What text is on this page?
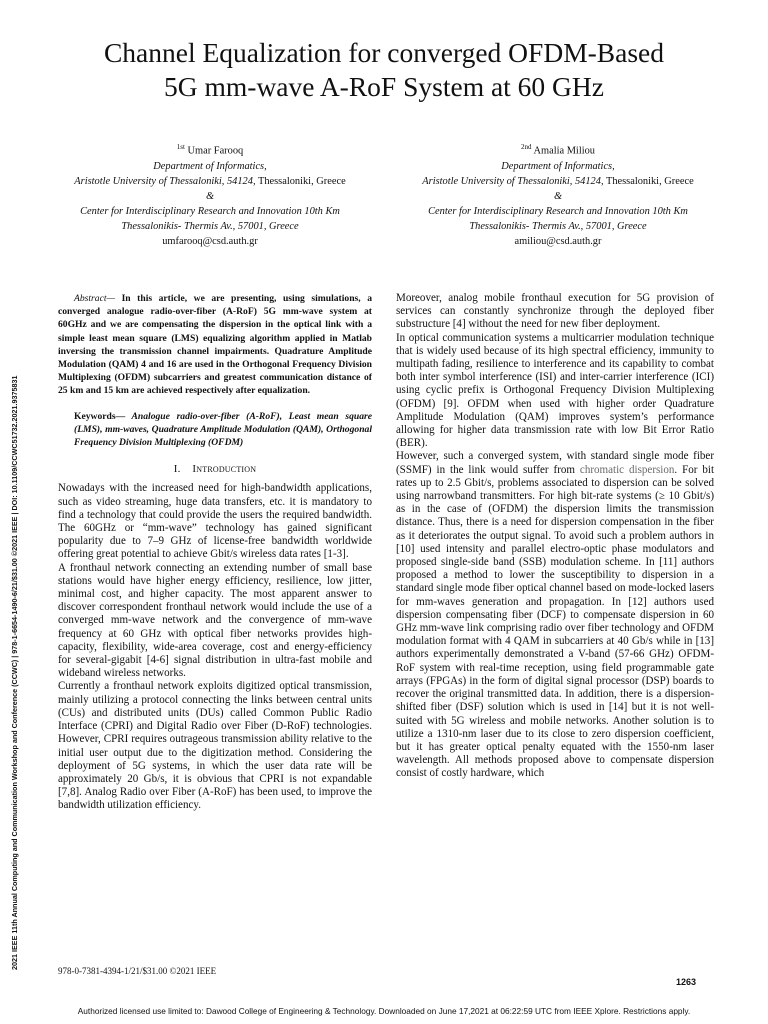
Channel Equalization for converged OFDM-Based
5G mm-wave A-RoF System at 60 GHz
$^{1st}$ Umar Farooq
Department of Informatics,
Aristotle University of Thessaloniki, 54124, Thessaloniki, Greece
&
Center for Interdisciplinary Research and Innovation 10th Km
Thessalonikis- Thermis Av., 57001, Greece
umfarooq@csd.auth.gr
$^{2nd}$ Amalia Miliou
Department of Informatics,
Aristotle University of Thessaloniki, 54124, Thessaloniki, Greece
&
Center for Interdisciplinary Research and Innovation 10th Km
Thessalonikis- Thermis Av., 57001, Greece
amiliou@csd.auth.gr
2021 IEEE 11th Annual Computing and Communication Workshop and Conference (CCWC) | 978-1-6654-1490-6/21/$31.00 ©2021 IEEE | DOI: 10.1109/CCWC51732.2021.9375831

Abstract— In this article, we are presenting, using simulations, a converged analogue radio-over-fiber (A-RoF) 5G mm-wave system at 60GHz and we are compensating the dispersion in the optical link with a simple least mean square (LMS) equalizing algorithm applied in Matlab inversing the transmission channel impairments. Quadrature Amplitude Modulation (QAM) 4 and 16 are used in the Orthogonal Frequency Division Multiplexing (OFDM) subcarriers and greatest communication distance of 25 km and 15 km are achieved respectively after equalization.

Keywords— Analogue radio-over-fiber (A-RoF), Least mean square (LMS), mm-waves, Quadrature Amplitude Modulation (QAM), Orthogonal Frequency Division Multiplexing (OFDM)

I. Introduction

Nowadays with the increased need for high-bandwidth applications, such as video streaming, huge data transfers, etc. it is mandatory to find a technology that could provide the users the required bandwidth. The 60GHz or “mm-wave” technology has gained significant popularity due to 7–9 GHz of license-free bandwidth worldwide offering great potential to achieve Gbit/s wireless data rates [1-3].

A fronthaul network connecting an extending number of small base stations would have higher energy efficiency, resilience, low jitter, minimal cost, and higher capacity. The most apparent answer to discover correspondent fronthaul network would include the use of a converged mm-wave network and the convergence of mm-wave frequency at 60 GHz with optical fiber networks provides high-capacity, flexibility, wide-area coverage, cost and energy-efficiency for several-gigabit [4-6] signal distribution in ultra-fast mobile and wideband wireless networks.

Currently a fronthaul network exploits digitized optical transmission, mainly utilizing a protocol connecting the links between central units (CUs) and distributed units (DUs) called Common Public Radio Interface (CPRI) and Digital Radio over Fiber (D-RoF) technologies. However, CPRI requires outrageous transmission ability relative to the initial user output due to the digitization method. Considering the deployment of 5G systems, in which the user data rate will be approximately 20 Gb/s, it is obvious that CPRI is not expandable [7,8]. Analog Radio over Fiber (A-RoF) has been used, to improve the bandwidth utilization efficiency.

Moreover, analog mobile fronthaul execution for 5G provision of services can constantly synchronize through the deployed fiber substructure [4] without the need for new fiber deployment.

In optical communication systems a multicarrier modulation technique that is widely used because of its high spectral efficiency, immunity to multipath fading, resilience to interference and its capability to combat both inter symbol interference (ISI) and inter-carrier interference (ICI) using cyclic prefix is Orthogonal Frequency Division Multiplexing (OFDM) [9]. OFDM when used with higher order Quadrature Amplitude Modulation (QAM) improves system’s performance allowing for higher data transmission rate with low Bit Error Ratio (BER).

However, such a converged system, with standard single mode fiber (SSMF) in the link would suffer from chromatic dispersion. For bit rates up to 2.5 Gbit/s, problems associated to dispersion can be solved using narrowband transmitters. For high bit-rate systems (≥ 10 Gbit/s) as in the case of (OFDM) the dispersion limits the transmission distance. Thus, there is a need for dispersion compensation in the fiber as it deteriorates the output signal. To avoid such a problem authors in [10] used intensity and parallel electro-optic phase modulators and proposed single-side band (SSB) modulation scheme. In [11] authors proposed a method to lower the susceptibility to dispersion in a standard single mode fiber optical channel based on mode-locked lasers for mm-waves generation and propagation. In [12] authors used dispersion compensating fiber (DCF) to compensate dispersion in 60 GHz mm-wave link comprising radio over fiber technology and OFDM modulation format with 4 QAM in subcarriers at 40 Gb/s while in [13] authors experimentally demonstrated a V-band (57-66 GHz) OFDM-RoF system with real-time reception, using field programmable gate arrays (FPGAs) in the form of digital signal processor (DSP) boards to recover the original transmitted data. In addition, there is a dispersion-shifted fiber (DSF) solution which is used in [14] but it is not well-suited with 5G wireless and mobile networks. Another solution is to utilize a 1310-nm laser due to its close to zero dispersion coefficient, but it has greater optical penalty equated with the 1550-nm laser wavelength. All methods proposed above to compensate dispersion consist of costly hardware, which

978-0-7381-4394-1/21/$31.00 ©2021 IEEE
1263
Authorized licensed use limited to: Dawood College of Engineering & Technology. Downloaded on June 17,2021 at 06:22:59 UTC from IEEE Xplore. Restrictions apply.
